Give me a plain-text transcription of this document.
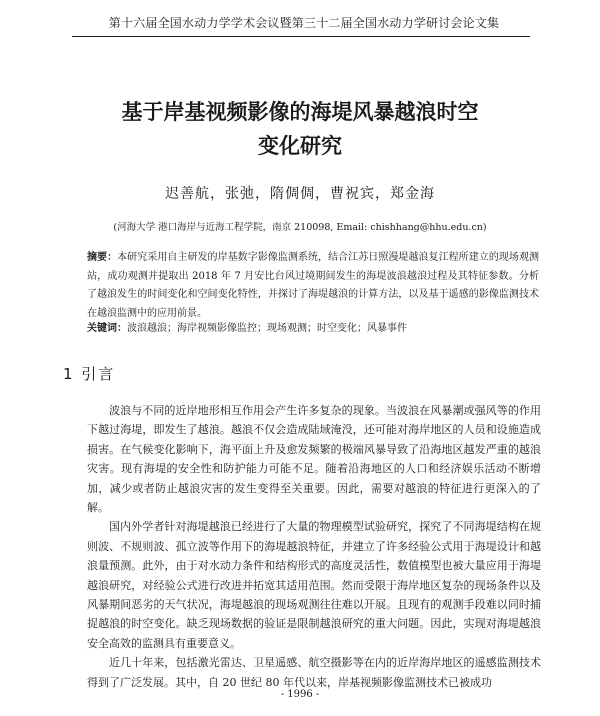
第十六届全国水动力学学术会议暨第三十二届全国水动力学研讨会论文集
基于岸基视频影像的海堤风暴越浪时空
变化研究
迟善航，张弛，隋倜倜，曹祝宾，郑金海
(河海大学 港口海岸与近海工程学院，南京 210098, Email: chishhang@hhu.edu.cn)
摘要：本研究采用自主研发的岸基数字影像监测系统，结合江苏日照漫堤越浪复江程所建立的现场观测站，成功观测并提取出 2018 年 7 月安比台风过境期间发生的海堤波浪越浪过程及其特征参数。分析了越浪发生的时间变化和空间变化特性，并探讨了海堤越浪的计算方法，以及基于遥感的影像监测技术在越浪监测中的应用前景。
关键词：波浪越浪；海岸视频影像监控；现场观测；时空变化；风暴事件
1 引言

波浪与不同的近岸地形相互作用会产生许多复杂的现象。当波浪在风暴潮或强风等的作用下越过海堤，即发生了越浪。越浪不仅会造成陆域淹没，还可能对海岸地区的人员和设施造成损害。在气候变化影响下，海平面上升及愈发频繁的极端风暴导致了沿海地区越发严重的越浪灾害。现有海堤的安全性和防护能力可能不足。随着沿海地区的人口和经济娱乐活动不断增加，减少或者防止越浪灾害的发生变得至关重要。因此，需要对越浪的特征进行更深入的了解。

国内外学者针对海堤越浪已经进行了大量的物理模型试验研究，探究了不同海堤结构在规则波、不规则波、孤立波等作用下的海堤越浪特征，并建立了许多经验公式用于海堤设计和越浪量预测。此外，由于对水动力条件和结构形式的高度灵活性，数值模型也被大量应用于海堤越浪研究，对经验公式进行改进并拓宽其适用范围。然而受限于海岸地区复杂的现场条件以及风暴期间恶劣的天气状况，海堤越浪的现场观测往往难以开展。且现有的观测手段难以同时捕捉越浪的时空变化。缺乏现场数据的验证是限制越浪研究的重大问题。因此，实现对海堤越浪安全高效的监测具有重要意义。

近几十年来，包括激光雷达、卫星遥感、航空摄影等在内的近岸海岸地区的遥感监测技术得到了广泛发展。其中，自 20 世纪 80 年代以来，岸基视频影像监测技术已被成功

- 1996 -
